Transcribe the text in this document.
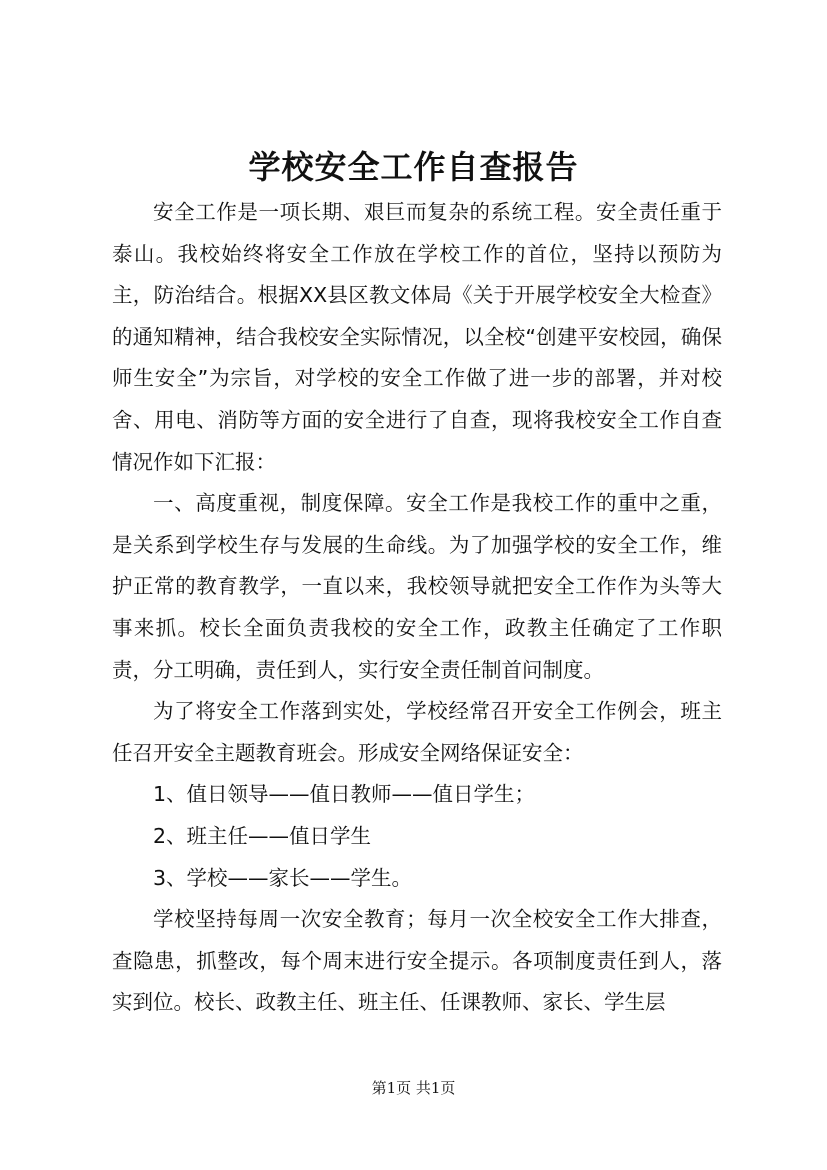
学校安全工作自查报告

安全工作是一项长期、艰巨而复杂的系统工程。安全责任重于泰山。我校始终将安全工作放在学校工作的首位，坚持以预防为主，防治结合。根据XX县区教文体局《关于开展学校安全大检查》的通知精神，结合我校安全实际情况，以全校“创建平安校园，确保师生安全”为宗旨，对学校的安全工作做了进一步的部署，并对校舍、用电、消防等方面的安全进行了自查，现将我校安全工作自查情况作如下汇报：

一、高度重视，制度保障。安全工作是我校工作的重中之重，是关系到学校生存与发展的生命线。为了加强学校的安全工作，维护正常的教育教学，一直以来，我校领导就把安全工作作为头等大事来抓。校长全面负责我校的安全工作，政教主任确定了工作职责，分工明确，责任到人，实行安全责任制首问制度。

为了将安全工作落到实处，学校经常召开安全工作例会，班主任召开安全主题教育班会。形成安全网络保证安全：

1、值日领导——值日教师——值日学生；

2、班主任——值日学生

3、学校——家长——学生。

学校坚持每周一次安全教育；每月一次全校安全工作大排查，查隐患，抓整改，每个周末进行安全提示。各项制度责任到人，落实到位。校长、政教主任、班主任、任课教师、家长、学生层

第1页 共1页
